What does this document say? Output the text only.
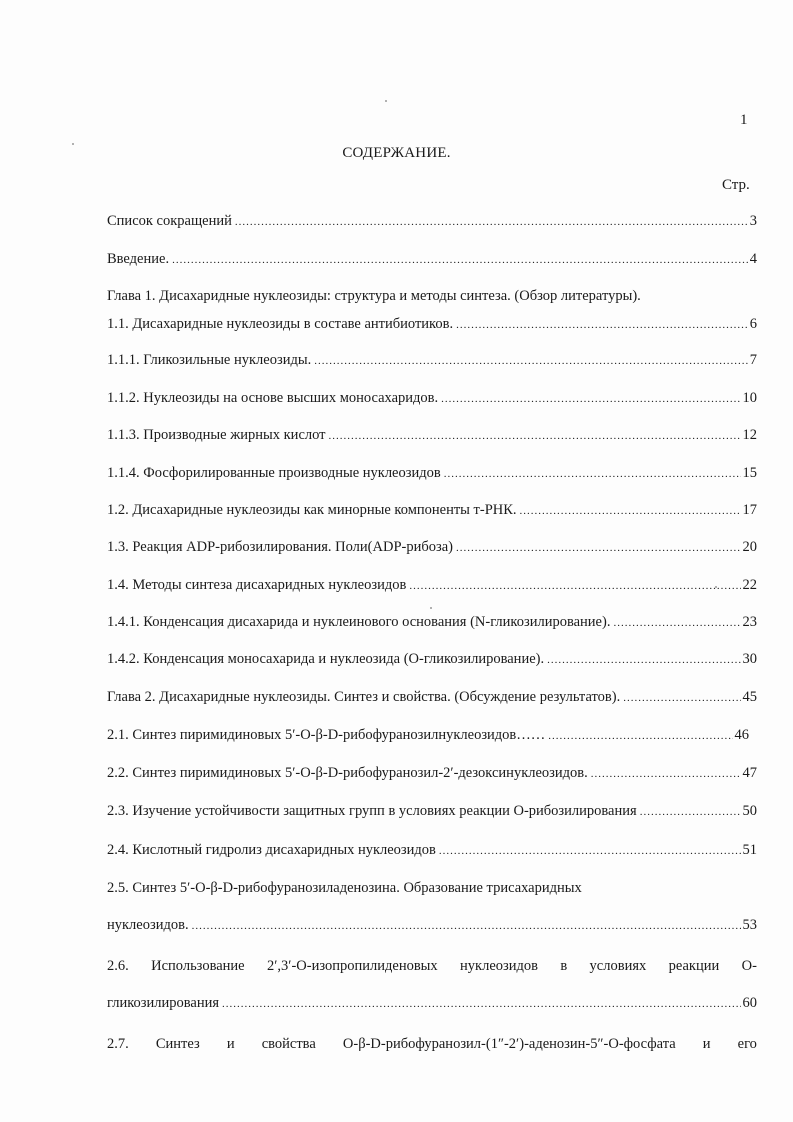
1
СОДЕРЖАНИЕ.
Стр.
Список сокращений .....	3
Введение. .....	4
Глава 1. Дисахаридные нуклеозиды: структура и методы синтеза. (Обзор литературы).
1.1. Дисахаридные нуклеозиды в составе антибиотиков. .....	6
1.1.1. Гликозильные нуклеозиды. .....	7
1.1.2. Нуклеозиды на основе высших моносахаридов. .....	10
1.1.3. Производные жирных кислот .....	12
1.1.4. Фосфорилированные производные нуклеозидов .....	15
1.2. Дисахаридные нуклеозиды как минорные компоненты т-РНК. .....	17
1.3. Реакция ADP-рибозилирования. Поли(ADP-рибоза) .....	20
1.4. Методы синтеза дисахаридных нуклеозидов .....	22
1.4.1. Конденсация дисахарида и нуклеинового основания (N-гликозилирование). .....	23
1.4.2. Конденсация моносахарида и нуклеозида (O-гликозилирование). .....	30
Глава 2. Дисахаридные нуклеозиды. Синтез и свойства. (Обсуждение результатов). .....	45
2.1. Синтез пиримидиновых 5′-O-β-D-рибофуранозилнуклеозидов…… .....	46
2.2. Синтез пиримидиновых 5′-O-β-D-рибофуранозил-2′-дезоксинуклеозидов. .....	47
2.3. Изучение устойчивости защитных групп в условиях реакции O-рибозилирования .....	50
2.4. Кислотный гидролиз дисахаридных нуклеозидов .....	51
2.5. Синтез 5′-O-β-D-рибофуранозиладенозина. Образование трисахаридных
нуклеозидов. .....	53
2.6. Использование 2′,3′-O-изопропилиденовых нуклеозидов в условиях реакции O-
гликозилирования .....	60
2.7. Синтез и свойства O-β-D-рибофуранозил-(1″-2′)-аденозин-5″-O-фосфата и его
